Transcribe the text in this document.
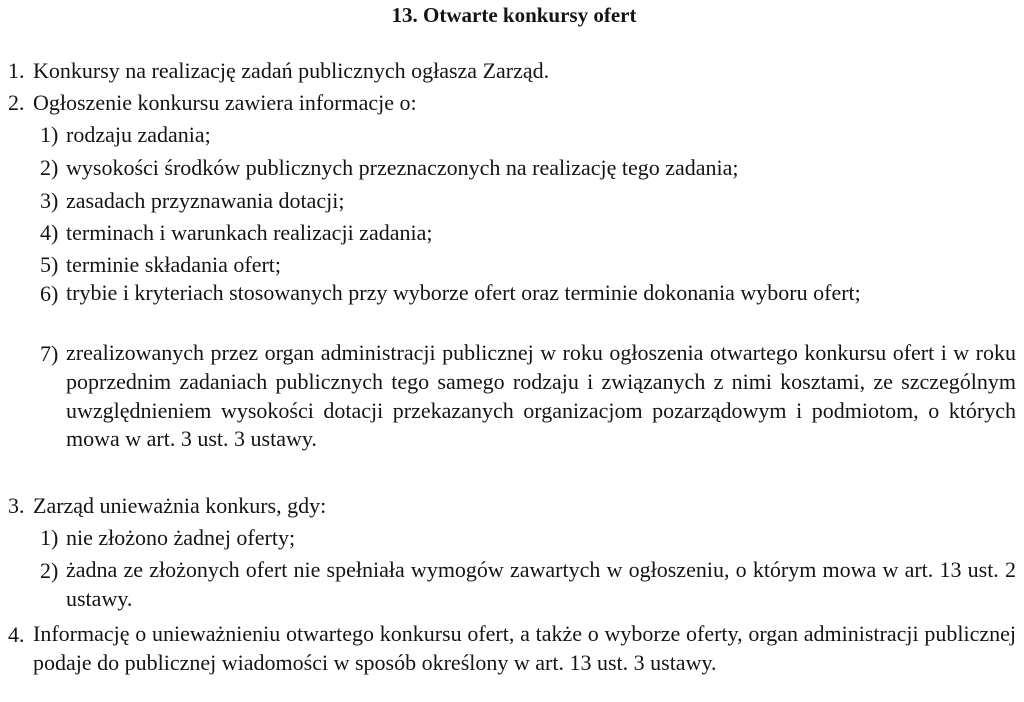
13. Otwarte konkursy ofert
1. Konkursy na realizację zadań publicznych ogłasza Zarząd.
2. Ogłoszenie konkursu zawiera informacje o:
1) rodzaju zadania;
2) wysokości środków publicznych przeznaczonych na realizację tego zadania;
3) zasadach przyznawania dotacji;
4) terminach i warunkach realizacji zadania;
5) terminie składania ofert;
6) trybie i kryteriach stosowanych przy wyborze ofert oraz terminie dokonania wyboru ofert;
7) zrealizowanych przez organ administracji publicznej w roku ogłoszenia otwartego konkursu ofert i w roku poprzednim zadaniach publicznych tego samego rodzaju i związanych z nimi kosztami, ze szczególnym uwzględnieniem wysokości dotacji przekazanych organizacjom pozarządowym i podmiotom, o których mowa w art. 3 ust. 3 ustawy.
3. Zarząd unieważnia konkurs, gdy:
1) nie złożono żadnej oferty;
2) żadna ze złożonych ofert nie spełniała wymogów zawartych w ogłoszeniu, o którym mowa w art. 13 ust. 2 ustawy.
4. Informację o unieważnieniu otwartego konkursu ofert, a także o wyborze oferty, organ administracji publicznej podaje do publicznej wiadomości w sposób określony w art. 13 ust. 3 ustawy.
